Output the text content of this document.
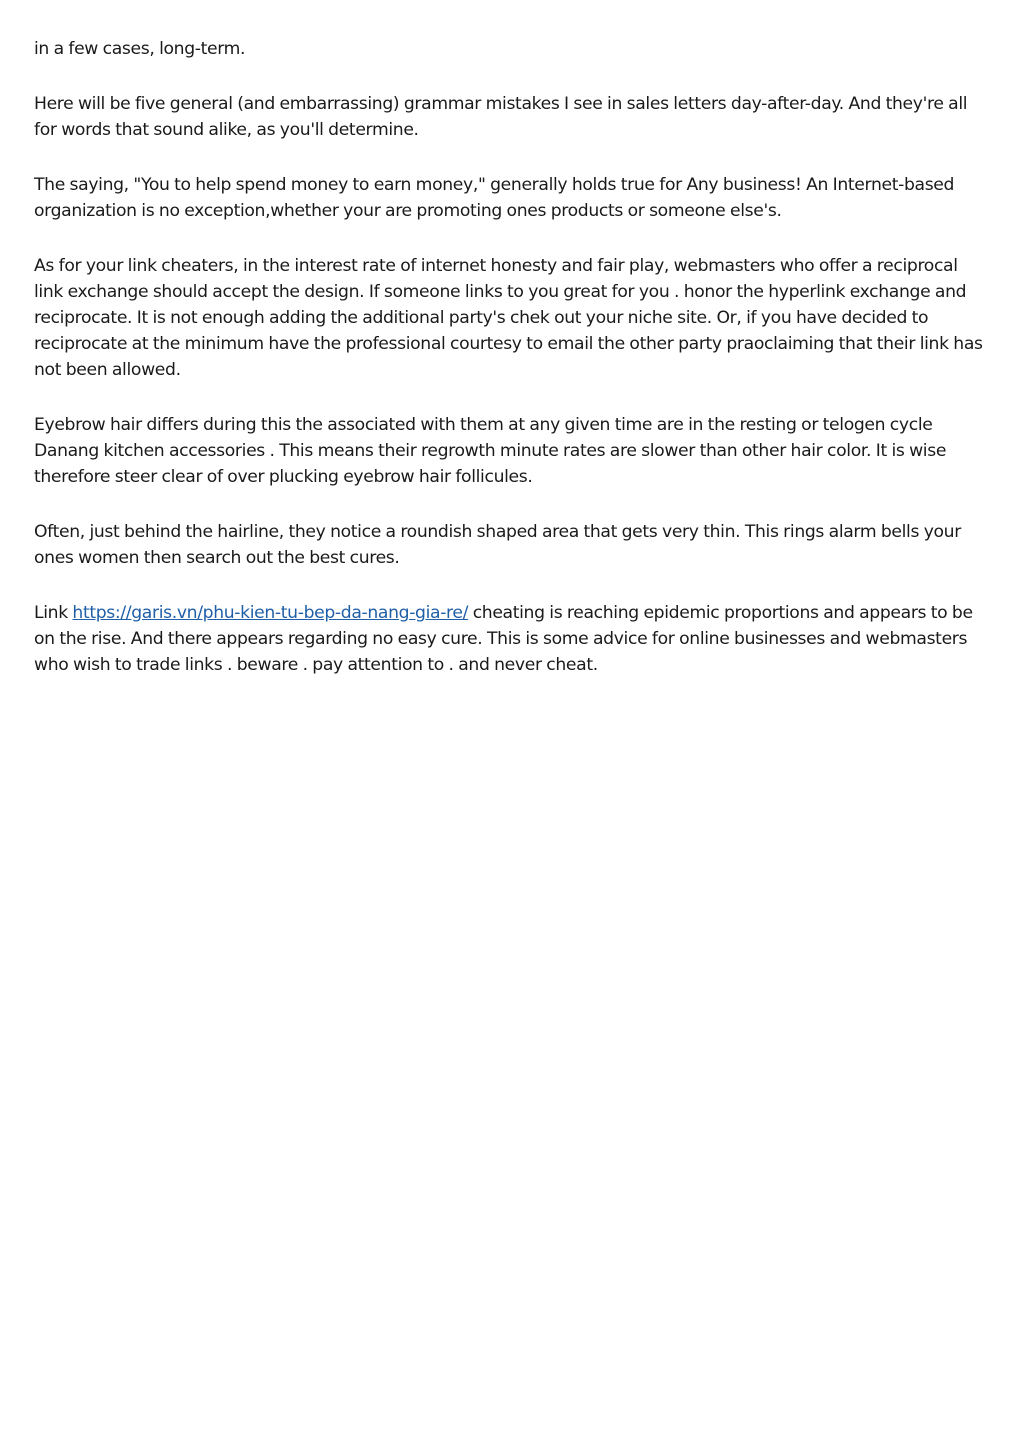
in a few cases, long-term.

Here will be five general (and embarrassing) grammar mistakes I see in sales letters day-after-day. And they're all for words that sound alike, as you'll determine.

The saying, "You to help spend money to earn money," generally holds true for Any business! An Internet-based organization is no exception,whether your are promoting ones products or someone else's.

As for your link cheaters, in the interest rate of internet honesty and fair play, webmasters who offer a reciprocal link exchange should accept the design. If someone links to you great for you . honor the hyperlink exchange and reciprocate. It is not enough adding the additional party's chek out your niche site. Or, if you have decided to reciprocate at the minimum have the professional courtesy to email the other party praoclaiming that their link has not been allowed.

Eyebrow hair differs during this the associated with them at any given time are in the resting or telogen cycle Danang kitchen accessories . This means their regrowth minute rates are slower than other hair color. It is wise therefore steer clear of over plucking eyebrow hair follicules.

Often, just behind the hairline, they notice a roundish shaped area that gets very thin. This rings alarm bells your ones women then search out the best cures.

Link https://garis.vn/phu-kien-tu-bep-da-nang-gia-re/ cheating is reaching epidemic proportions and appears to be on the rise. And there appears regarding no easy cure. This is some advice for online businesses and webmasters who wish to trade links . beware . pay attention to . and never cheat.
